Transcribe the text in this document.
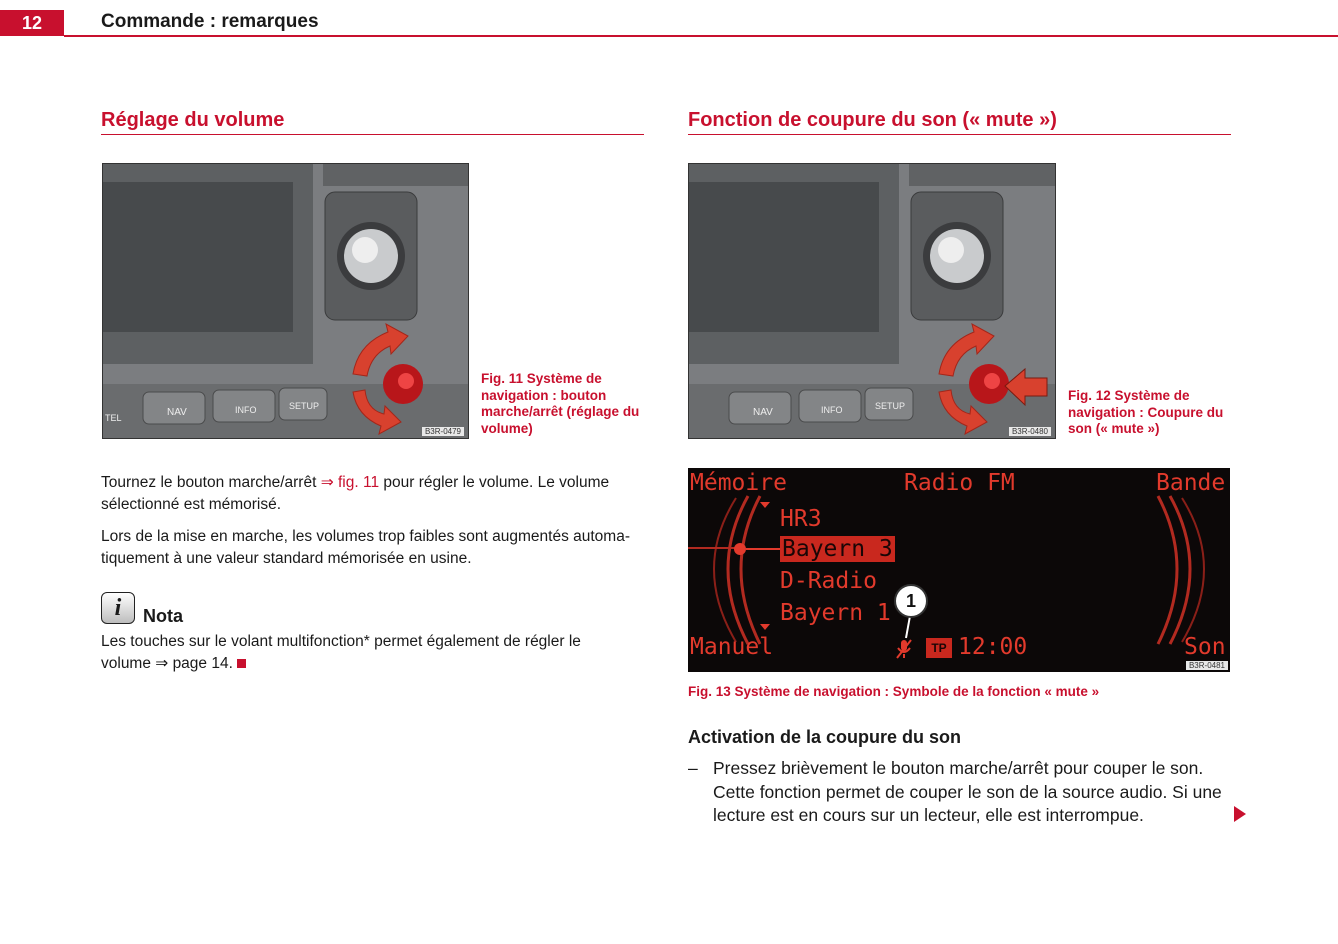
12	Commande : remarques
Réglage du volume
NAV	INFO	SETUP
TEL
B3R-0479
Fig. 11 Système de navigation : bouton marche/arrêt (réglage du volume)
Tournez le bouton marche/arrêt ⇒ fig. 11 pour régler le volume. Le volume sélectionné est mémorisé.
Lors de la mise en marche, les volumes trop faibles sont augmentés automa-tiquement à une valeur standard mémorisée en usine.
i	Nota
Les touches sur le volant multifonction* permet également de régler le volume ⇒ page 14.
Fonction de coupure du son (« mute »)
NAV	INFO	SETUP
B3R-0480
Fig. 12 Système de navigation : Coupure du son (« mute »)
Mémoire	Radio FM	Bande
HR3
Bayern 3
D-Radio
Bayern 1
Manuel	TP 12:00	Son
1
B3R-0481
Fig. 13 Système de navigation : Symbole de la fonction « mute »
Activation de la coupure du son
– Pressez brièvement le bouton marche/arrêt pour couper le son. Cette fonction permet de couper le son de la source audio. Si une lecture est en cours sur un lecteur, elle est interrompue.
